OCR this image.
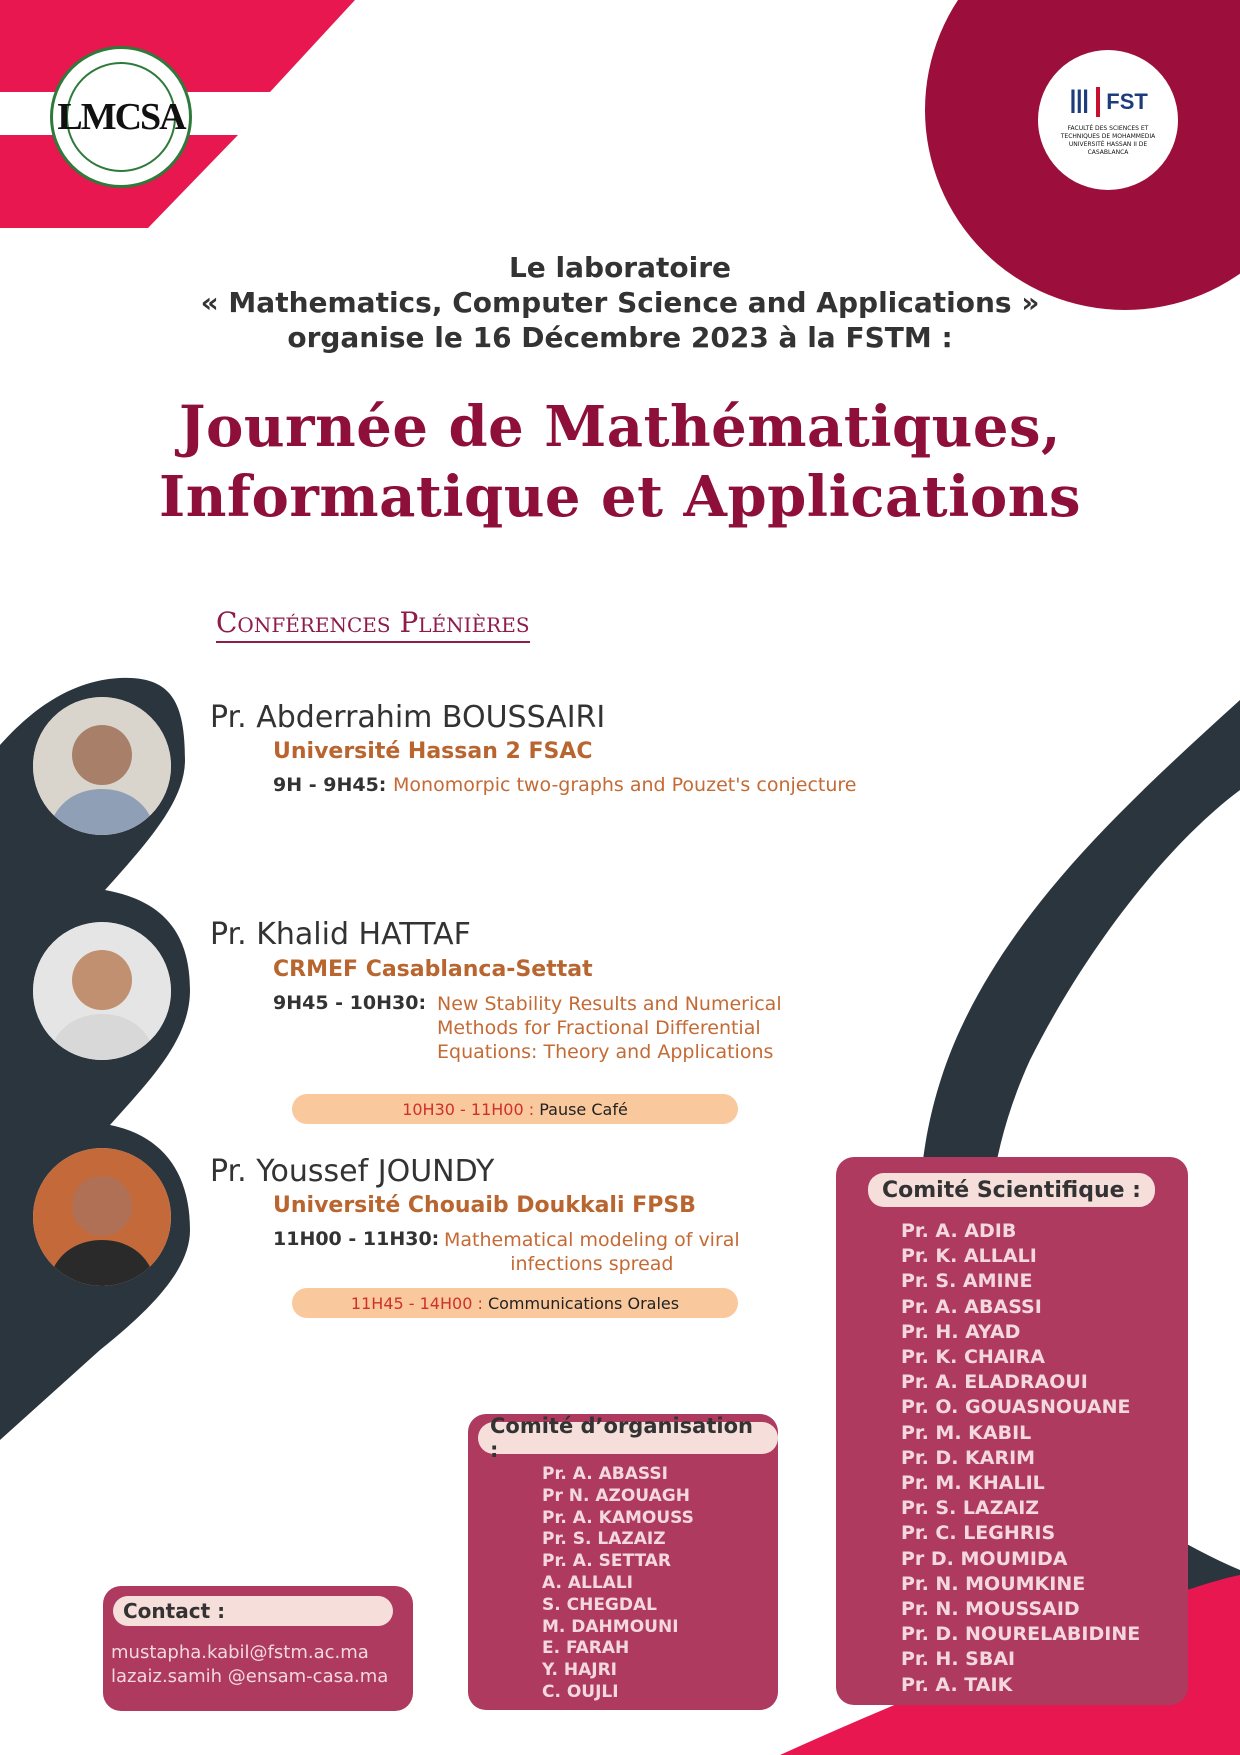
LMCSA	Ⅲ FST
FACULTÉ DES SCIENCES ET TECHNIQUES DE MOHAMMEDIA UNIVERSITÉ HASSAN II DE CASABLANCA
Le laboratoire
« Mathematics, Computer Science and Applications »
organise le 16 Décembre 2023 à la FSTM :
Journée de Mathématiques,
Informatique et Applications
Conférences Plénières
Pr. Abderrahim BOUSSAIRI
Université Hassan 2 FSAC
9H - 9H45: Monomorpic two-graphs and Pouzet's conjecture
Pr. Khalid HATTAF
CRMEF Casablanca-Settat
9H45 - 10H30: New Stability Results and Numerical
Methods for Fractional Differential
Equations: Theory and Applications
10H30 - 11H00 :
Pause Café
Pr. Youssef JOUNDY
Université Chouaib Doukkali FPSB
11H00 - 11H30: Mathematical modeling of viral
infections spread
11H45 - 14H00 :
Communications Orales
Comité Scientifique :
Pr. A. ADIB
Pr. K. ALLALI
Pr. S. AMINE
Pr. A. ABASSI
Pr. H. AYAD
Pr. K. CHAIRA
Pr. A. ELADRAOUI
Pr. O. GOUASNOUANE
Pr. M. KABIL
Pr. D. KARIM
Pr. M. KHALIL
Pr. S. LAZAIZ
Pr. C. LEGHRIS
Pr D. MOUMIDA
Pr. N. MOUMKINE
Pr. N. MOUSSAID
Pr. D. NOURELABIDINE
Pr. H. SBAI
Pr. A. TAIK
Comité d’organisation :
Pr. A. ABASSI
Pr N. AZOUAGH
Pr. A. KAMOUSS
Pr. S. LAZAIZ
Pr. A. SETTAR
A. ALLALI
S. CHEGDAL
M. DAHMOUNI
E. FARAH
Y. HAJRI
C. OUJLI
Contact :
mustapha.kabil@fstm.ac.ma
lazaiz.samih @ensam-casa.ma
